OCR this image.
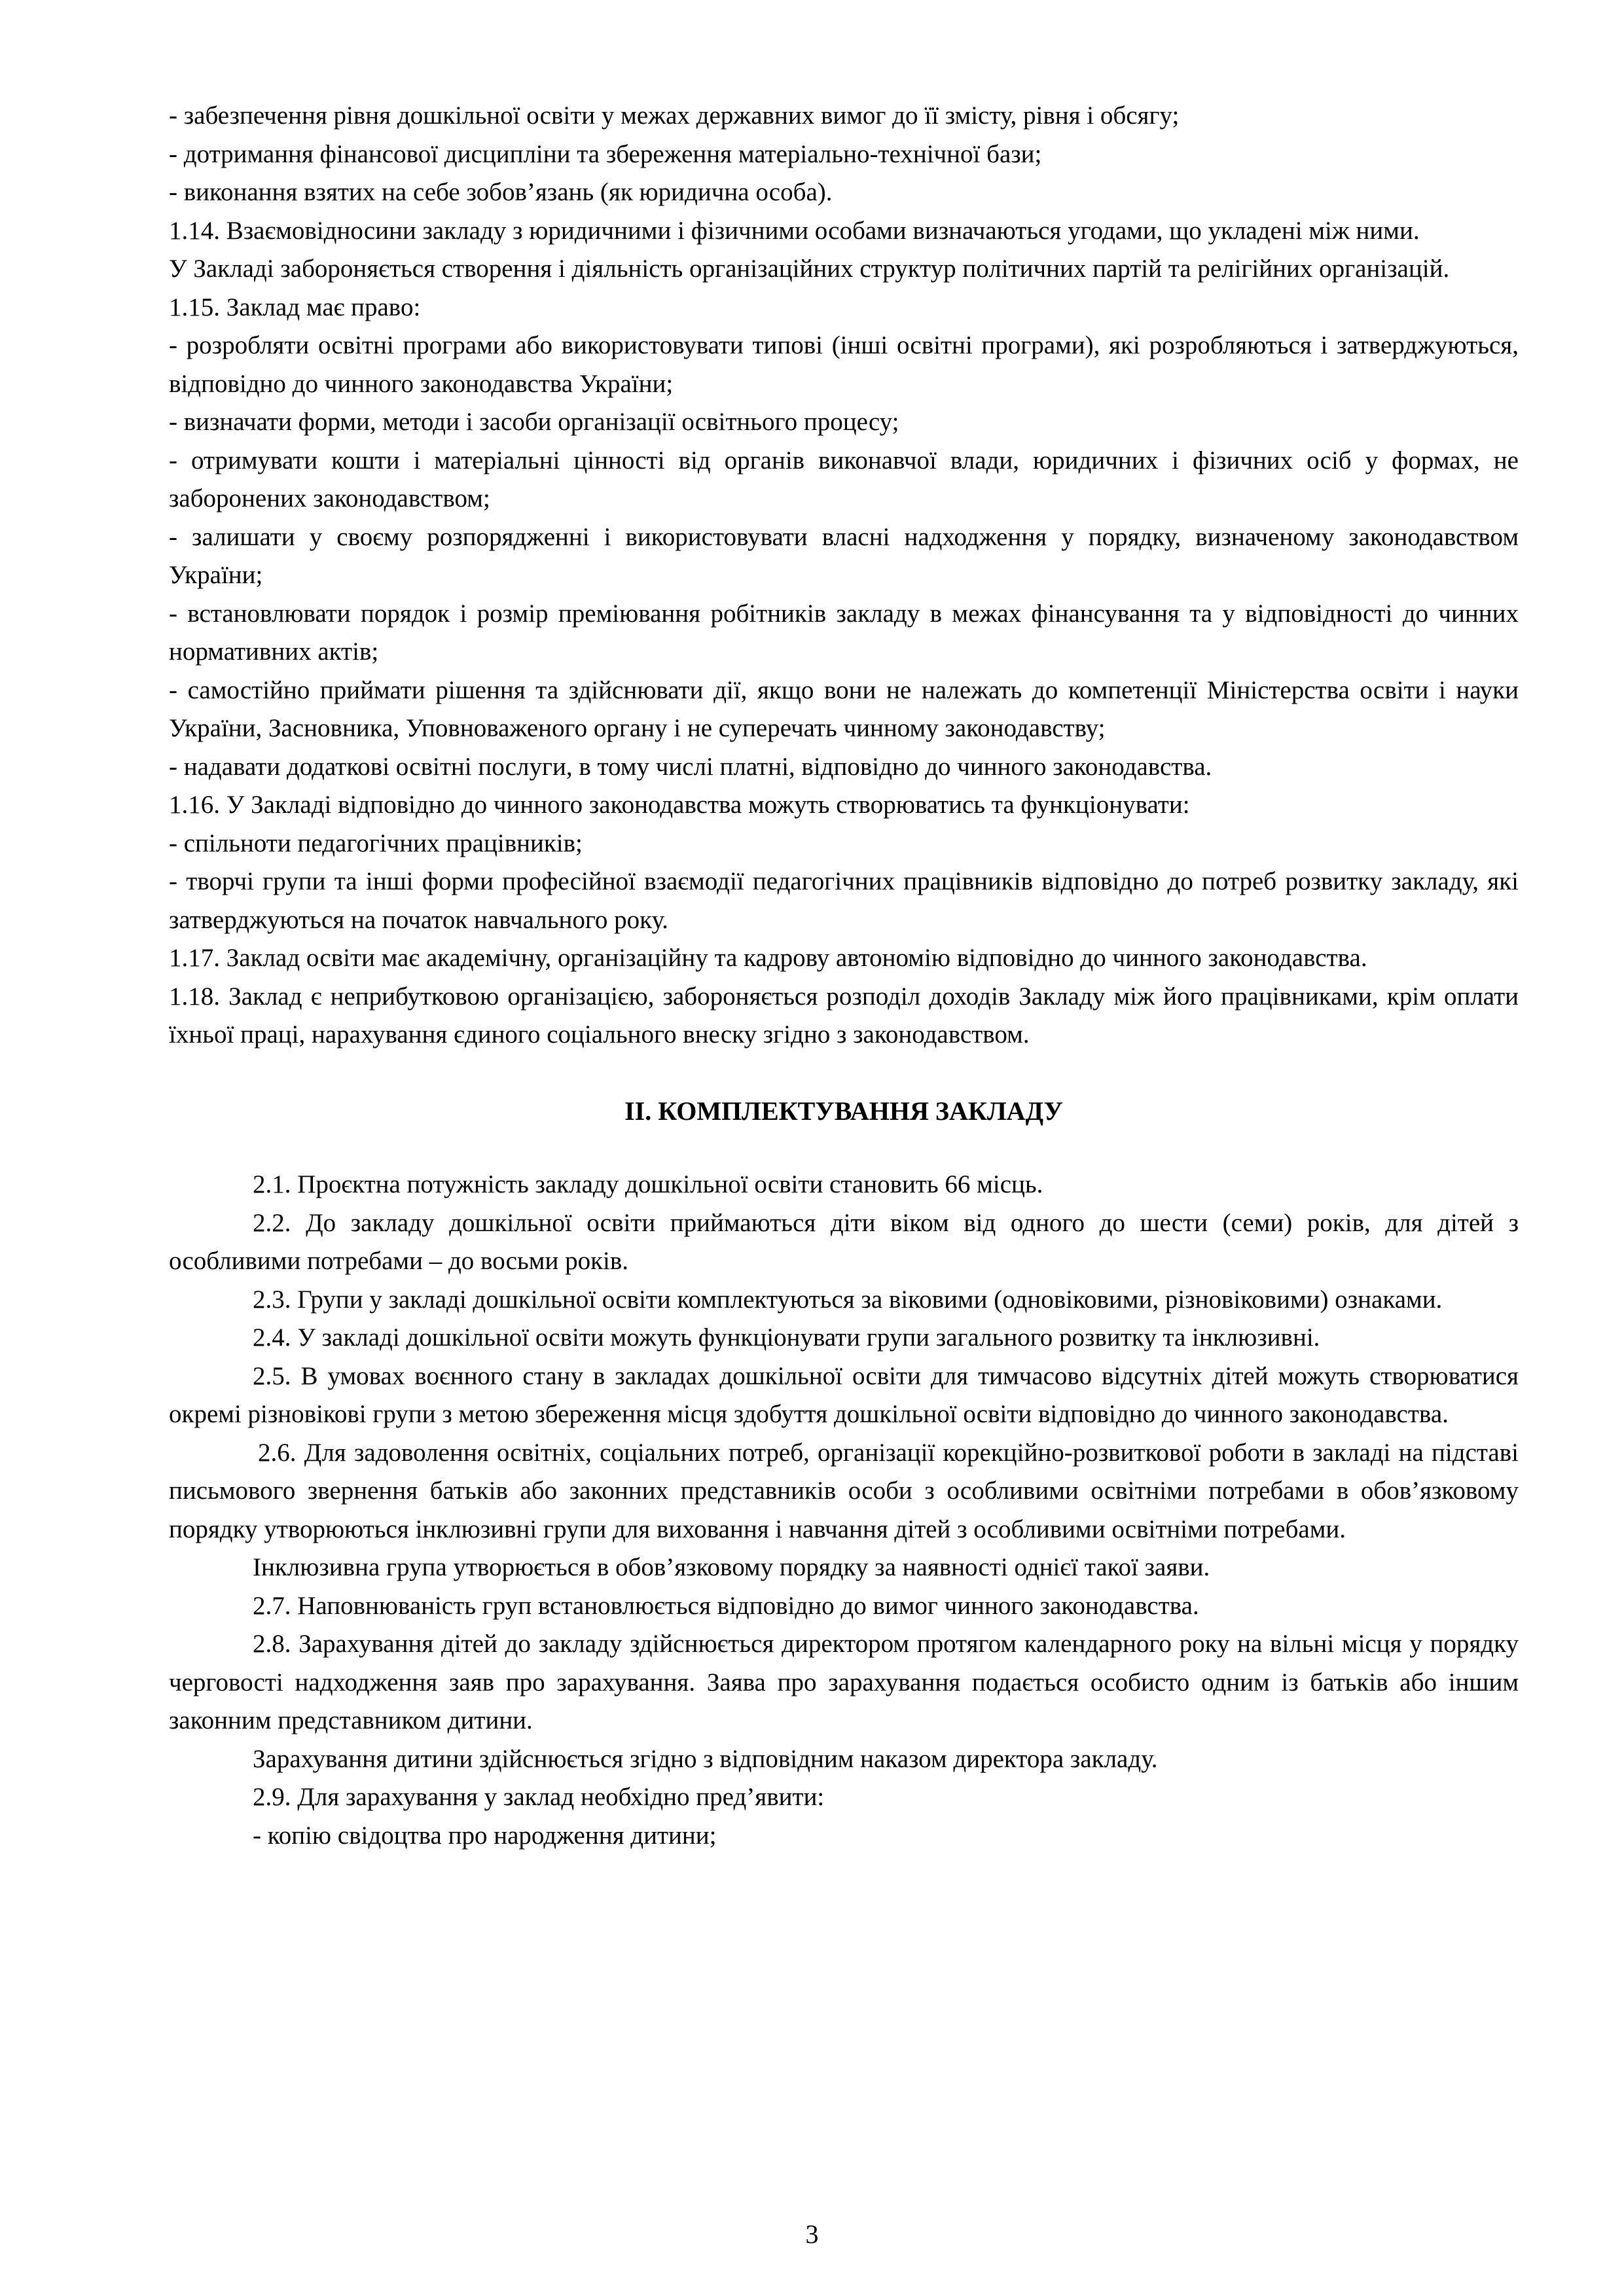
- забезпечення рівня дошкільної освіти у межах державних вимог до її змісту, рівня і обсягу;

- дотримання фінансової дисципліни та збереження матеріально-технічної бази;

- виконання взятих на себе зобов’язань (як юридична особа).

1.14. Взаємовідносини закладу з юридичними і фізичними особами визначаються угодами, що укладені між ними.

У Закладі забороняється створення і діяльність організаційних структур політичних партій та релігійних організацій.

1.15. Заклад має право:

- розробляти освітні програми або використовувати типові (інші освітні програми), які розробляються і затверджуються, відповідно до чинного законодавства України;

- визначати форми, методи і засоби організації освітнього процесу;

- отримувати кошти і матеріальні цінності від органів виконавчої влади, юридичних і фізичних осіб у формах, не заборонених законодавством;

- залишати у своєму розпорядженні і використовувати власні надходження у порядку, визначеному законодавством України;

- встановлювати порядок і розмір преміювання робітників закладу в межах фінансування та у відповідності до чинних нормативних актів;

- самостійно приймати рішення та здійснювати дії, якщо вони не належать до компетенції Міністерства освіти і науки України, Засновника, Уповноваженого органу і не суперечать чинному законодавству;

- надавати додаткові освітні послуги, в тому числі платні, відповідно до чинного законодавства.

1.16. У Закладі відповідно до чинного законодавства можуть створюватись та функціонувати:

- спільноти педагогічних працівників;

- творчі групи та інші форми професійної взаємодії педагогічних працівників відповідно до потреб розвитку закладу, які затверджуються на початок навчального року.

1.17. Заклад освіти має академічну, організаційну та кадрову автономію відповідно до чинного законодавства.

1.18. Заклад є неприбутковою організацією, забороняється розподіл доходів Закладу між його працівниками, крім оплати їхньої праці, нарахування єдиного соціального внеску згідно з законодавством.

ІІ. КОМПЛЕКТУВАННЯ ЗАКЛАДУ

2.1. Проєктна потужність закладу дошкільної освіти становить 66 місць.

2.2. До закладу дошкільної освіти приймаються діти віком від одного до шести (семи) років, для дітей з особливими потребами – до восьми років.

2.3. Групи у закладі дошкільної освіти комплектуються за віковими (одновіковими, різновіковими) ознаками.

2.4. У закладі дошкільної освіти можуть функціонувати групи загального розвитку та інклюзивні.

2.5. В умовах воєнного стану в закладах дошкільної освіти для тимчасово відсутніх дітей можуть створюватися окремі різновікові групи з метою збереження місця здобуття дошкільної освіти відповідно до чинного законодавства.

2.6. Для задоволення освітніх, соціальних потреб, організації корекційно-розвиткової роботи в закладі на підставі письмового звернення батьків або законних представників особи з особливими освітніми потребами в обов’язковому порядку утворюються інклюзивні групи для виховання і навчання дітей з особливими освітніми потребами.

Інклюзивна група утворюється в обов’язковому порядку за наявності однієї такої заяви.

2.7. Наповнюваність груп встановлюється відповідно до вимог чинного законодавства.

2.8. Зарахування дітей до закладу здійснюється директором протягом календарного року на вільні місця у порядку черговості надходження заяв про зарахування. Заява про зарахування подається особисто одним із батьків або іншим законним представником дитини.

Зарахування дитини здійснюється згідно з відповідним наказом директора закладу.

2.9. Для зарахування у заклад необхідно пред’явити:

- копію свідоцтва про народження дитини;

3
